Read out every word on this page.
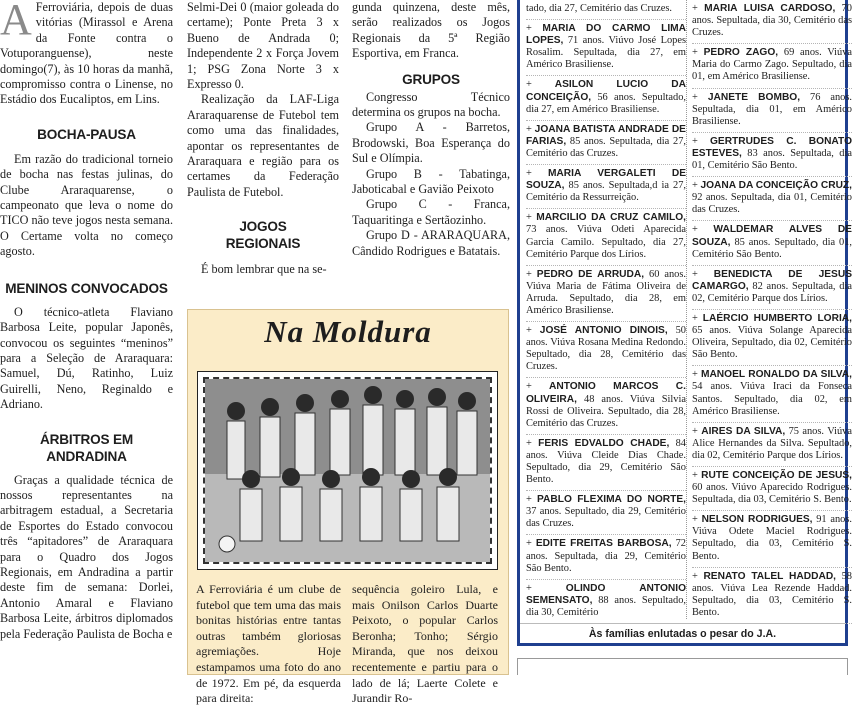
A Ferroviária, depois de duas vitórias (Mirassol e Arena da Fonte contra o Votuporanguense), neste domingo(7), às 10 horas da manhã, compromisso contra o Linense, no Estádio dos Eucaliptos, em Lins.

BOCHA-PAUSA

Em razão do tradicional torneio de bocha nas festas julinas, do Clube Araraquarense, o campeonato que leva o nome do TICO não teve jogos nesta semana. O Certame volta no começo agosto.

MENINOS CONVOCADOS

O técnico-atleta Flaviano Barbosa Leite, popular Japonês, convocou os seguintes “meninos” para a Seleção de Araraquara: Samuel, Dú, Ratinho, Luiz Guirelli, Neno, Reginaldo e Adriano.

ÁRBITROS EM ANDRADINA

Graças a qualidade técnica de nossos representantes na arbitragem estadual, a Secretaria de Esportes do Estado convocou três “apitadores” de Araraquara para o Quadro dos Jogos Regionais, em Andradina a partir deste fim de semana: Dorlei, Antonio Amaral e Flaviano Barbosa Leite, árbitros diplomados pela Federação Paulista de Bocha e

Selmi-Dei 0 (maior goleada do certame); Ponte Preta 3 x Bueno de Andrada 0; Independente 2 x Força Jovem 1; PSG Zona Norte 3 x Expresso 0.

Realização da LAF-Liga Araraquarense de Futebol tem como uma das finalidades, apontar os representantes de Araraquara e região para os certames da Federação Paulista de Futebol.

JOGOS REGIONAIS

É bom lembrar que na se-

gunda quinzena, deste mês, serão realizados os Jogos Regionais da 5ª Região Esportiva, em Franca.

GRUPOS

Congresso Técnico determina os grupos na bocha.

Grupo A - Barretos, Brodowski, Boa Esperança do Sul e Olímpia.

Grupo B - Tabatinga, Jaboticabal e Gavião Peixoto

Grupo C - Franca, Taquaritinga e Sertãozinho.

Grupo D - ARARAQUARA, Cândido Rodrigues e Batatais.

Na Moldura
A Ferroviária é um clube de futebol que tem uma das mais bonitas histórias entre tantas outras também gloriosas agremiações. Hoje estampamos uma foto do ano de 1972. Em pé, da esquerda para direita:
sequência goleiro Lula, e mais Onilson Carlos Duarte Peixoto, o popular Carlos Beronha; Tonho; Sérgio Miranda, que nos deixou recentemente e partiu para o lado de lá; Laerte Colete e Jurandir Ro-
tado, dia 27, Cemitério das Cruzes.
+ MARIA DO CARMO LIMA LOPES, 71 anos. Viúvo José Lopes Rosalim. Sepultada, dia 27, em Américo Brasiliense.
+ ASILON LUCIO DA CONCEIÇÃO, 56 anos. Sepultado, dia 27, em Américo Brasiliense.
+ JOANA BATISTA ANDRADE DE FARIAS, 85 anos. Sepultada, dia 27, Cemitério das Cruzes.
+ MARIA VERGALETI DE SOUZA, 85 anos. Sepultada,d ia 27, Cemitério da Ressurreição.
+ MARCILIO DA CRUZ CAMILO, 73 anos. Viúva Odeti Aparecida Garcia Camilo. Sepultado, dia 27, Cemitério Parque dos Lírios.
+ PEDRO DE ARRUDA, 60 anos. Viúva Maria de Fátima Oliveira de Arruda. Sepultado, dia 28, em Américo Brasiliense.
+ JOSÉ ANTONIO DINOIS, 50 anos. Viúva Rosana Medina Redondo. Sepultado, dia 28, Cemitério das Cruzes.
+ ANTONIO MARCOS C. OLIVEIRA, 48 anos. Viúva Silvia Rossi de Oliveira. Sepultado, dia 28, Cemitério das Cruzes.
+ FERIS EDVALDO CHADE, 84 anos. Viúva Cleide Dias Chade. Sepultado, dia 29, Cemitério São Bento.
+ PABLO FLEXIMA DO NORTE, 37 anos. Sepultado, dia 29, Cemitério das Cruzes.
+ EDITE FREITAS BARBOSA, 72 anos. Sepultada, dia 29, Cemitério São Bento.
+ OLINDO ANTONIO SEMENSATO, 88 anos. Sepultado, dia 30, Cemitério
+ MARIA LUISA CARDOSO, 70 anos. Sepultada, dia 30, Cemitério das Cruzes.
+ PEDRO ZAGO, 69 anos. Viúva Maria do Carmo Zago. Sepultado, dia 01, em Américo Brasiliense.
+ JANETE BOMBO, 76 anos. Sepultada, dia 01, em Américo Brasiliense.
+ GERTRUDES C. BONATO ESTEVES, 83 anos. Sepultada, dia 01, Cemitério São Bento.
+ JOANA DA CONCEIÇÃO CRUZ, 92 anos. Sepultada, dia 01, Cemitério das Cruzes.
+ WALDEMAR ALVES DE SOUZA, 85 anos. Sepultado, dia 01, Cemitério São Bento.
+ BENEDICTA DE JESUS CAMARGO, 82 anos. Sepultada, dia 02, Cemitério Parque dos Lírios.
+ LAÉRCIO HUMBERTO LORIA, 65 anos. Viúva Solange Aparecida Oliveira, Sepultado, dia 02, Cemitério São Bento.
+ MANOEL RONALDO DA SILVA, 54 anos. Viúva Iraci da Fonseca Santos. Sepultado, dia 02, em Américo Brasiliense.
+ AIRES DA SILVA, 75 anos. Viúva Alice Hernandes da Silva. Sepultado, dia 02, Cemitério Parque dos Lírios.
+ RUTE CONCEIÇÃO DE JESUS, 60 anos. Viúvo Aparecido Rodrigues. Sepultada, dia 03, Cemitério S. Bento.
+ NELSON RODRIGUES, 91 anos. Viúva Odete Maciel Rodrigues. Sepultado, dia 03, Cemitério S. Bento.
+ RENATO TALEL HADDAD, 58 anos. Viúva Lea Rezende Haddad. Sepultado, dia 03, Cemitério S. Bento.
Às famílias enlutadas o pesar do J.A.
